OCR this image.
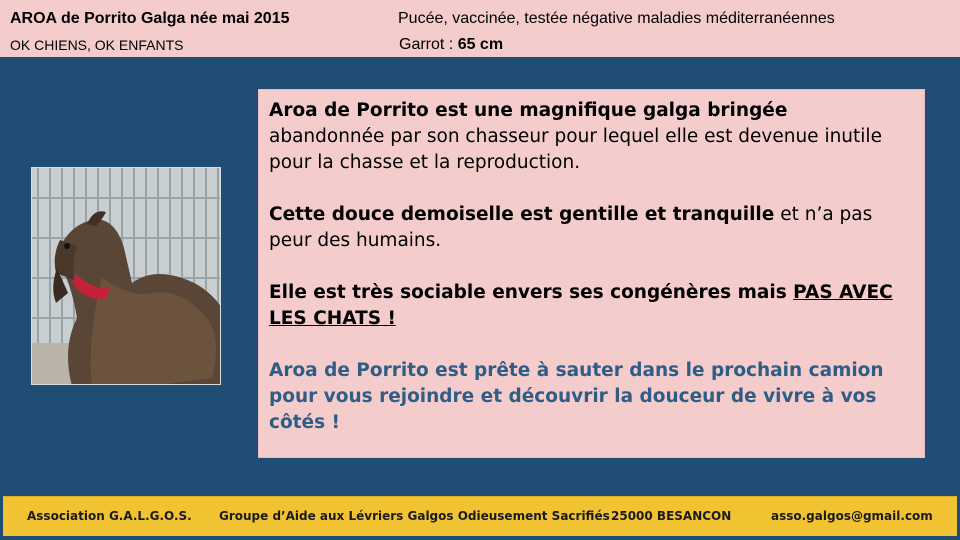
AROA de Porrito Galga née mai 2015
OK CHIENS, OK ENFANTS
Pucée, vaccinée, testée négative maladies méditerranéennes
Garrot : 65 cm

Aroa de Porrito est une magnifique galga bringée
abandonnée par son chasseur pour lequel elle est devenue inutile pour la chasse et la reproduction.

Cette douce demoiselle est gentille et tranquille et n’a pas peur des humains.

Elle est très sociable envers ses congénères mais PAS AVEC LES CHATS !

Aroa de Porrito est prête à sauter dans le prochain camion pour vous rejoindre et découvrir la douceur de vivre à vos côtés !

Association G.A.L.G.O.S. Groupe d’Aide aux Lévriers Galgos Odieusement Sacrifiés 25000 BESANCON	asso.galgos@gmail.com
